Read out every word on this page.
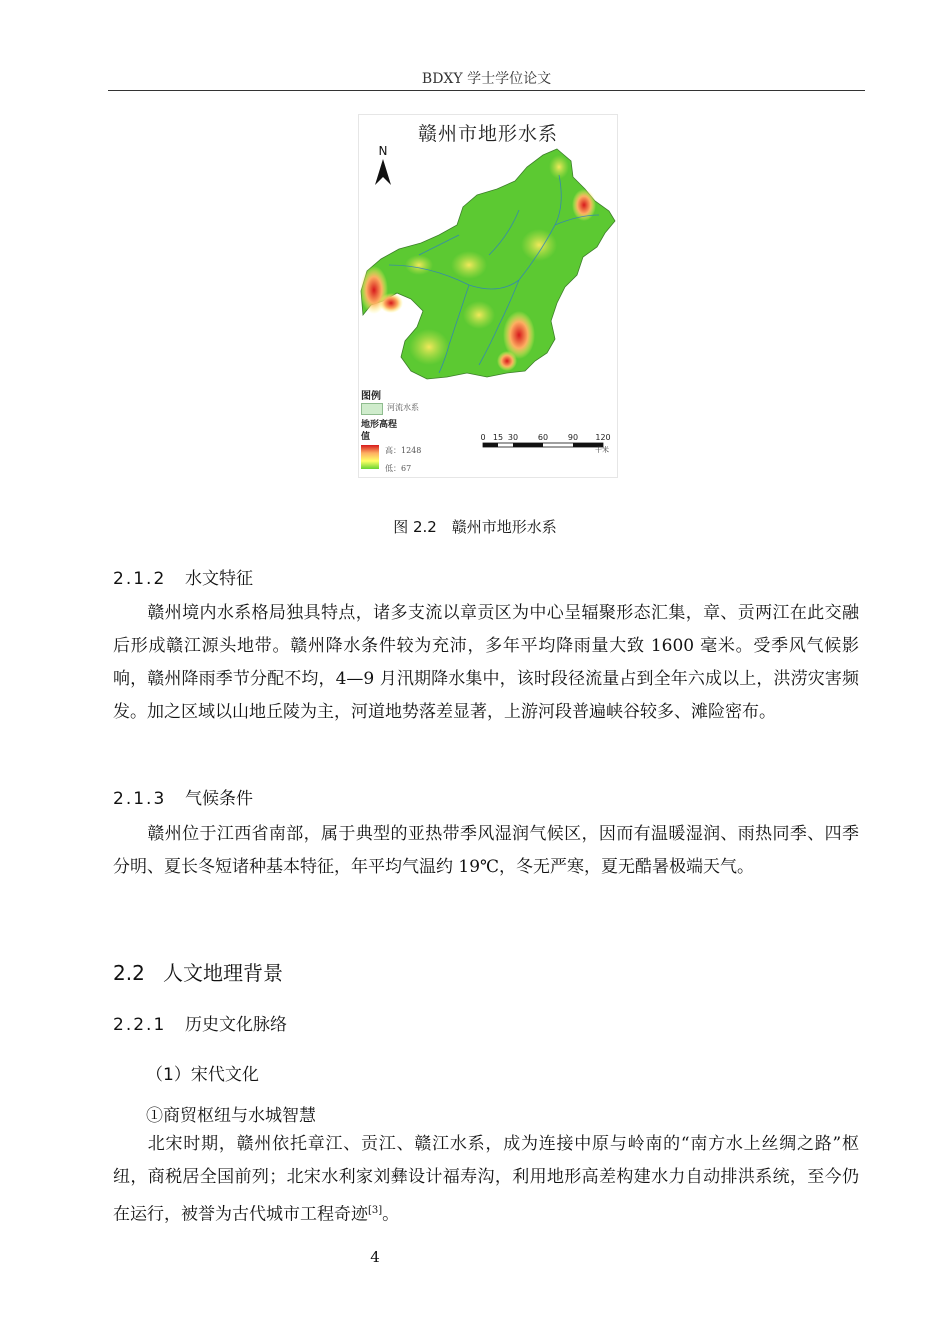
BDXY 学士学位论文
赣州市地形水系
N
图例
河流水系
地形高程值
高：1248
低：67
0 15 30 60 90 120
千米
图 2.2　赣州市地形水系
2.1.2 水文特征
赣州境内水系格局独具特点，诸多支流以章贡区为中心呈辐聚形态汇集，章、贡两江在此交融后形成赣江源头地带。赣州降水条件较为充沛，多年平均降雨量大致 1600 毫米。受季风气候影响，赣州降雨季节分配不均，4—9 月汛期降水集中，该时段径流量占到全年六成以上，洪涝灾害频发。加之区域以山地丘陵为主，河道地势落差显著，上游河段普遍峡谷较多、滩险密布。
2.1.3 气候条件
赣州位于江西省南部，属于典型的亚热带季风湿润气候区，因而有温暖湿润、雨热同季、四季分明、夏长冬短诸种基本特征，年平均气温约 19℃，冬无严寒，夏无酷暑极端天气。
2.2 人文地理背景
2.2.1 历史文化脉络
（1）宋代文化
①商贸枢纽与水城智慧
北宋时期，赣州依托章江、贡江、赣江水系，成为连接中原与岭南的“南方水上丝绸之路”枢纽，商税居全国前列；北宋水利家刘彝设计福寿沟，利用地形高差构建水力自动排洪系统，至今仍在运行，被誉为古代城市工程奇迹[3]。
4
